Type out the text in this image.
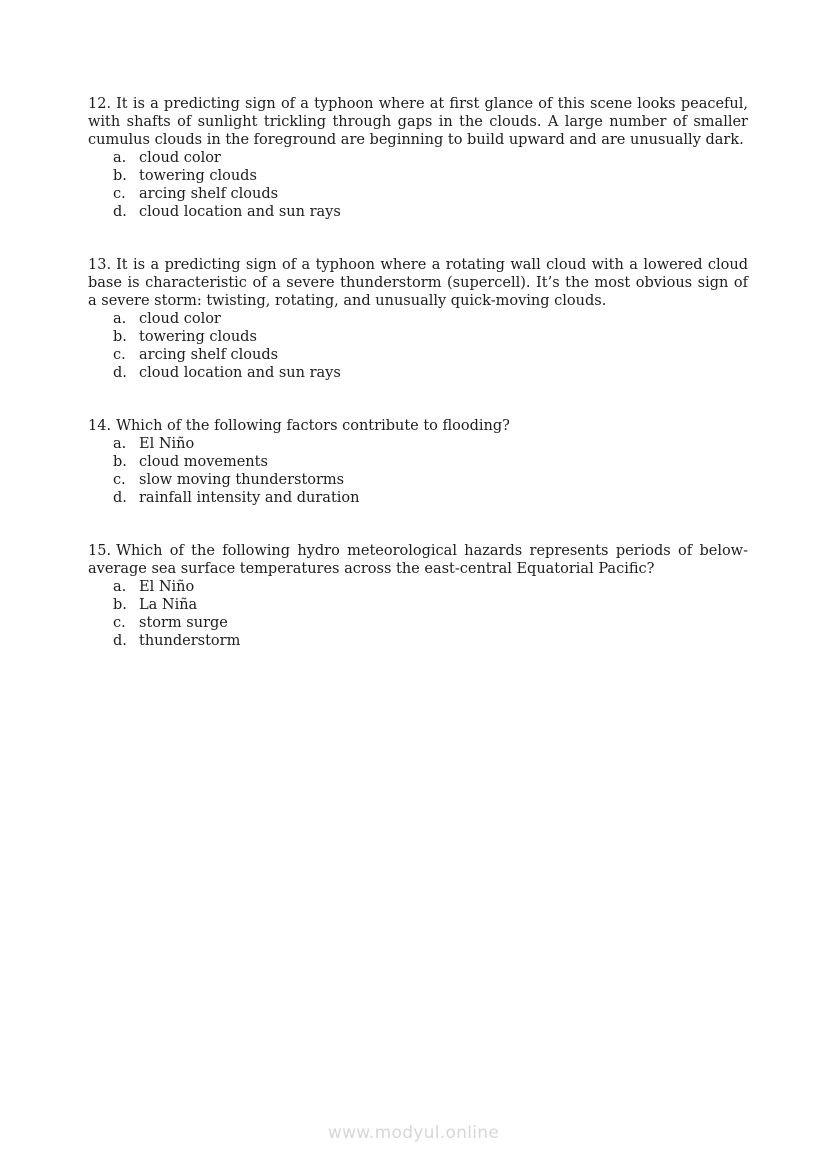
12. It is a predicting sign of a typhoon where at first glance of this scene looks peaceful, with shafts of sunlight trickling through gaps in the clouds. A large number of smaller cumulus clouds in the foreground are beginning to build upward and are unusually dark.

a. cloud color
b. towering clouds
c. arcing shelf clouds
d. cloud location and sun rays

13. It is a predicting sign of a typhoon where a rotating wall cloud with a lowered cloud base is characteristic of a severe thunderstorm (supercell). It’s the most obvious sign of a severe storm: twisting, rotating, and unusually quick-moving clouds.

a. cloud color
b. towering clouds
c. arcing shelf clouds
d. cloud location and sun rays

14. Which of the following factors contribute to flooding?

a. El Niño
b. cloud movements
c. slow moving thunderstorms
d. rainfall intensity and duration

15. Which of the following hydro meteorological hazards represents periods of below-average sea surface temperatures across the east-central Equatorial Pacific?

a. El Niño
b. La Niña
c. storm surge
d. thunderstorm
www.modyul.online
